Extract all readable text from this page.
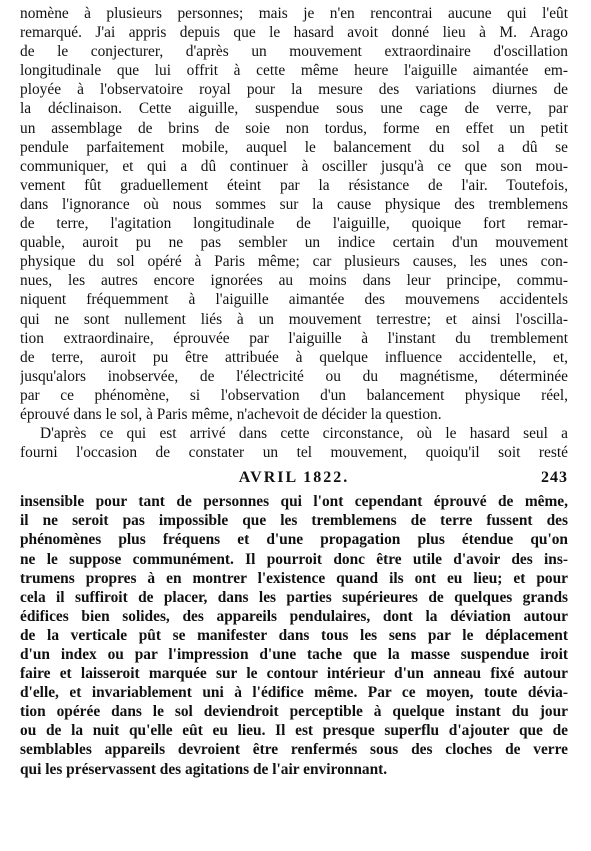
nomène à plusieurs personnes; mais je n'en rencontrai aucune qui l'eût
remarqué. J'ai appris depuis que le hasard avoit donné lieu à M. Arago
de le conjecturer, d'après un mouvement extraordinaire d'oscillation
longitudinale que lui offrit à cette même heure l'aiguille aimantée em-
ployée à l'observatoire royal pour la mesure des variations diurnes de
la déclinaison. Cette aiguille, suspendue sous une cage de verre, par
un assemblage de brins de soie non tordus, forme en effet un petit
pendule parfaitement mobile, auquel le balancement du sol a dû se
communiquer, et qui a dû continuer à osciller jusqu'à ce que son mou-
vement fût graduellement éteint par la résistance de l'air. Toutefois,
dans l'ignorance où nous sommes sur la cause physique des tremblemens
de terre, l'agitation longitudinale de l'aiguille, quoique fort remar-
quable, auroit pu ne pas sembler un indice certain d'un mouvement
physique du sol opéré à Paris même; car plusieurs causes, les unes con-
nues, les autres encore ignorées au moins dans leur principe, commu-
niquent fréquemment à l'aiguille aimantée des mouvemens accidentels
qui ne sont nullement liés à un mouvement terrestre; et ainsi l'oscilla-
tion extraordinaire, éprouvée par l'aiguille à l'instant du tremblement
de terre, auroit pu être attribuée à quelque influence accidentelle, et,
jusqu'alors inobservée, de l'électricité ou du magnétisme, déterminée
par ce phénomène, si l'observation d'un balancement physique réel,
éprouvé dans le sol, à Paris même, n'achevoit de décider la question.
D'après ce qui est arrivé dans cette circonstance, où le hasard seul a
fourni l'occasion de constater un tel mouvement, quoiqu'il soit resté
AVRIL 1822.	243
insensible pour tant de personnes qui l'ont cependant éprouvé de même,
il ne seroit pas impossible que les tremblemens de terre fussent des
phénomènes plus fréquens et d'une propagation plus étendue qu'on
ne le suppose communément. Il pourroit donc être utile d'avoir des ins-
trumens propres à en montrer l'existence quand ils ont eu lieu; et pour
cela il suffiroit de placer, dans les parties supérieures de quelques grands
édifices bien solides, des appareils pendulaires, dont la déviation autour
de la verticale pût se manifester dans tous les sens par le déplacement
d'un index ou par l'impression d'une tache que la masse suspendue iroit
faire et laisseroit marquée sur le contour intérieur d'un anneau fixé autour
d'elle, et invariablement uni à l'édifice même. Par ce moyen, toute dévia-
tion opérée dans le sol deviendroit perceptible à quelque instant du jour
ou de la nuit qu'elle eût eu lieu. Il est presque superflu d'ajouter que de
semblables appareils devroient être renfermés sous des cloches de verre
qui les préservassent des agitations de l'air environnant.
